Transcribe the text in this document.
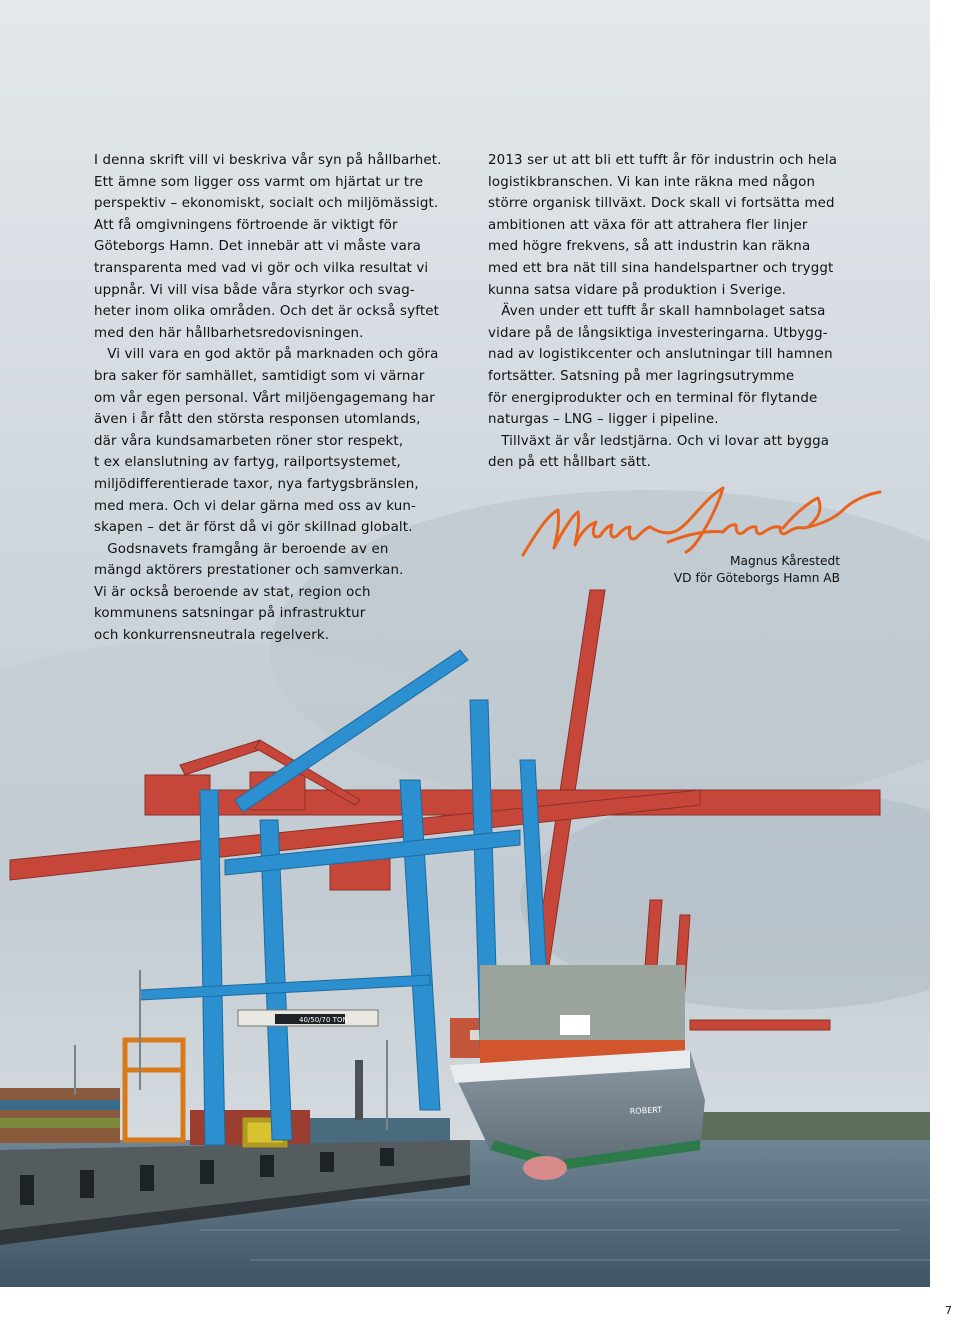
40/50/70 TON
ROBERT

I denna skrift vill vi beskriva vår syn på hållbarhet.

Ett ämne som ligger oss varmt om hjärtat ur tre

perspektiv – ekonomiskt, socialt och miljömässigt.

Att få omgivningens förtroende är viktigt för

Göteborgs Hamn. Det innebär att vi måste vara

transparenta med vad vi gör och vilka resultat vi

uppnår. Vi vill visa både våra styrkor och svag-

heter inom olika områden. Och det är också syftet

med den här hållbarhetsredovisningen.

Vi vill vara en god aktör på marknaden och göra

bra saker för samhället, samtidigt som vi värnar

om vår egen personal. Vårt miljöengagemang har

även i år fått den största responsen utomlands,

där våra kundsamarbeten röner stor respekt,

t ex elanslutning av fartyg, railportsystemet,

miljödifferentierade taxor, nya fartygsbränslen,

med mera. Och vi delar gärna med oss av kun-

skapen – det är först då vi gör skillnad globalt.

Godsnavets framgång är beroende av en

mängd aktörers prestationer och samverkan.

Vi är också beroende av stat, region och

kommunens satsningar på infrastruktur

och konkurrensneutrala regelverk.

2013 ser ut att bli ett tufft år för industrin och hela

logistikbranschen. Vi kan inte räkna med någon

större organisk tillväxt. Dock skall vi fortsätta med

ambitionen att växa för att attrahera fler linjer

med högre frekvens, så att industrin kan räkna

med ett bra nät till sina handelspartner och tryggt

kunna satsa vidare på produktion i Sverige.

Även under ett tufft år skall hamnbolaget satsa

vidare på de långsiktiga investeringarna. Utbygg-

nad av logistikcenter och anslutningar till hamnen

fortsätter. Satsning på mer lagringsutrymme

för energiprodukter och en terminal för flytande

naturgas – LNG – ligger i pipeline.

Tillväxt är vår ledstjärna. Och vi lovar att bygga

den på ett hållbart sätt.

Magnus Kårestedt
VD för Göteborgs Hamn AB
7
